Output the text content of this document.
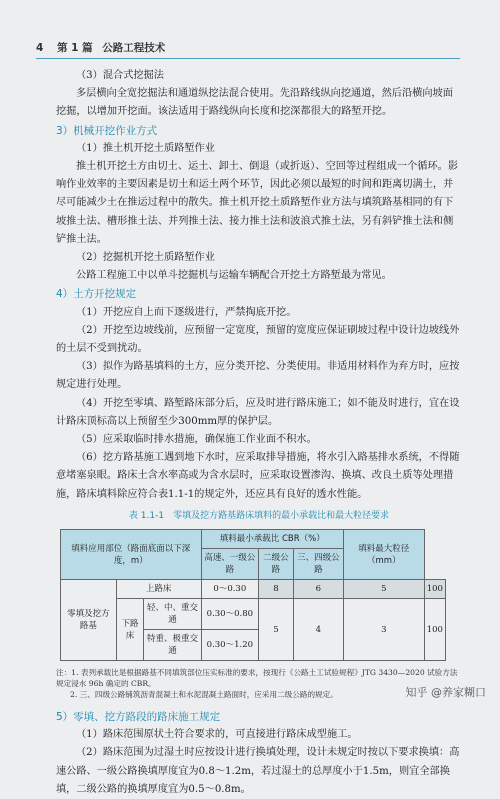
4 第 1 篇 公路工程技术

（3）混合式挖掘法

多层横向全宽挖掘法和通道纵挖法混合使用。先沿路线纵向挖通道，然后沿横向坡面挖掘，以增加开挖面。该法适用于路线纵向长度和挖深都很大的路堑开挖。

3）机械开挖作业方式

（1）推土机开挖土质路堑作业

推土机开挖土方由切土、运土、卸土、倒退（或折返）、空回等过程组成一个循环。影响作业效率的主要因素是切土和运土两个环节，因此必须以最短的时间和距离切满土，并尽可能减少土在推运过程中的散失。推土机开挖土质路堑作业方法与填筑路基相同的有下坡推土法、槽形推土法、并列推土法、接力推土法和波浪式推土法，另有斜铲推土法和侧铲推土法。

（2）挖掘机开挖土质路堑作业

公路工程施工中以单斗挖掘机与运输车辆配合开挖土方路堑最为常见。

4）土方开挖规定

（1）开挖应自上而下逐级进行，严禁掏底开挖。

（2）开挖至边坡线前，应预留一定宽度，预留的宽度应保证刷坡过程中设计边坡线外的土层不受到扰动。

（3）拟作为路基填料的土方，应分类开挖、分类使用。非适用材料作为弃方时，应按规定进行处理。

（4）开挖至零填、路堑路床部分后，应及时进行路床施工；如不能及时进行，宜在设计路床顶标高以上预留至少300mm厚的保护层。

（5）应采取临时排水措施，确保施工作业面不积水。

（6）挖方路基施工遇到地下水时，应采取排导措施，将水引入路基排水系统，不得随意堵塞泉眼。路床土含水率高或为含水层时，应采取设置渗沟、换填、改良土质等处理措施，路床填料除应符合表1.1-1的规定外，还应具有良好的透水性能。

表 1.1-1　零填及挖方路基路床填料的最小承载比和最大粒径要求
填料应用部位（路面底面以下深度，m）			填料最小承载比 CBR（%）			填料最大粒径（mm）	
			高速、一级公路	二级公路	三、四级公路		
零填及挖方路基	上路床		0～0.30	8	6	5	100
	下路床	轻、中、重交通	0.30～0.80	5	4	3	100
		特重、极重交通	0.30～1.20				
注：1. 表列承载比是根据路基不同填筑部位压实标准的要求，按现行《公路土工试验规程》JTG 3430—2020 试验方法规定浸水 96h 确定的 CBR。
2. 三、四级公路铺筑沥青混凝土和水泥混凝土路面时，应采用二级公路的规定。

5）零填、挖方路段的路床施工规定

（1）路床范围原状土符合要求的，可直接进行路床成型施工。

（2）路床范围为过湿土时应按设计进行换填处理，设计未规定时按以下要求换填：高速公路、一级公路换填厚度宜为0.8～1.2m，若过湿土的总厚度小于1.5m，则宜全部换填，二级公路的换填厚度宜为0.5～0.8m。

知乎 @养家糊口
